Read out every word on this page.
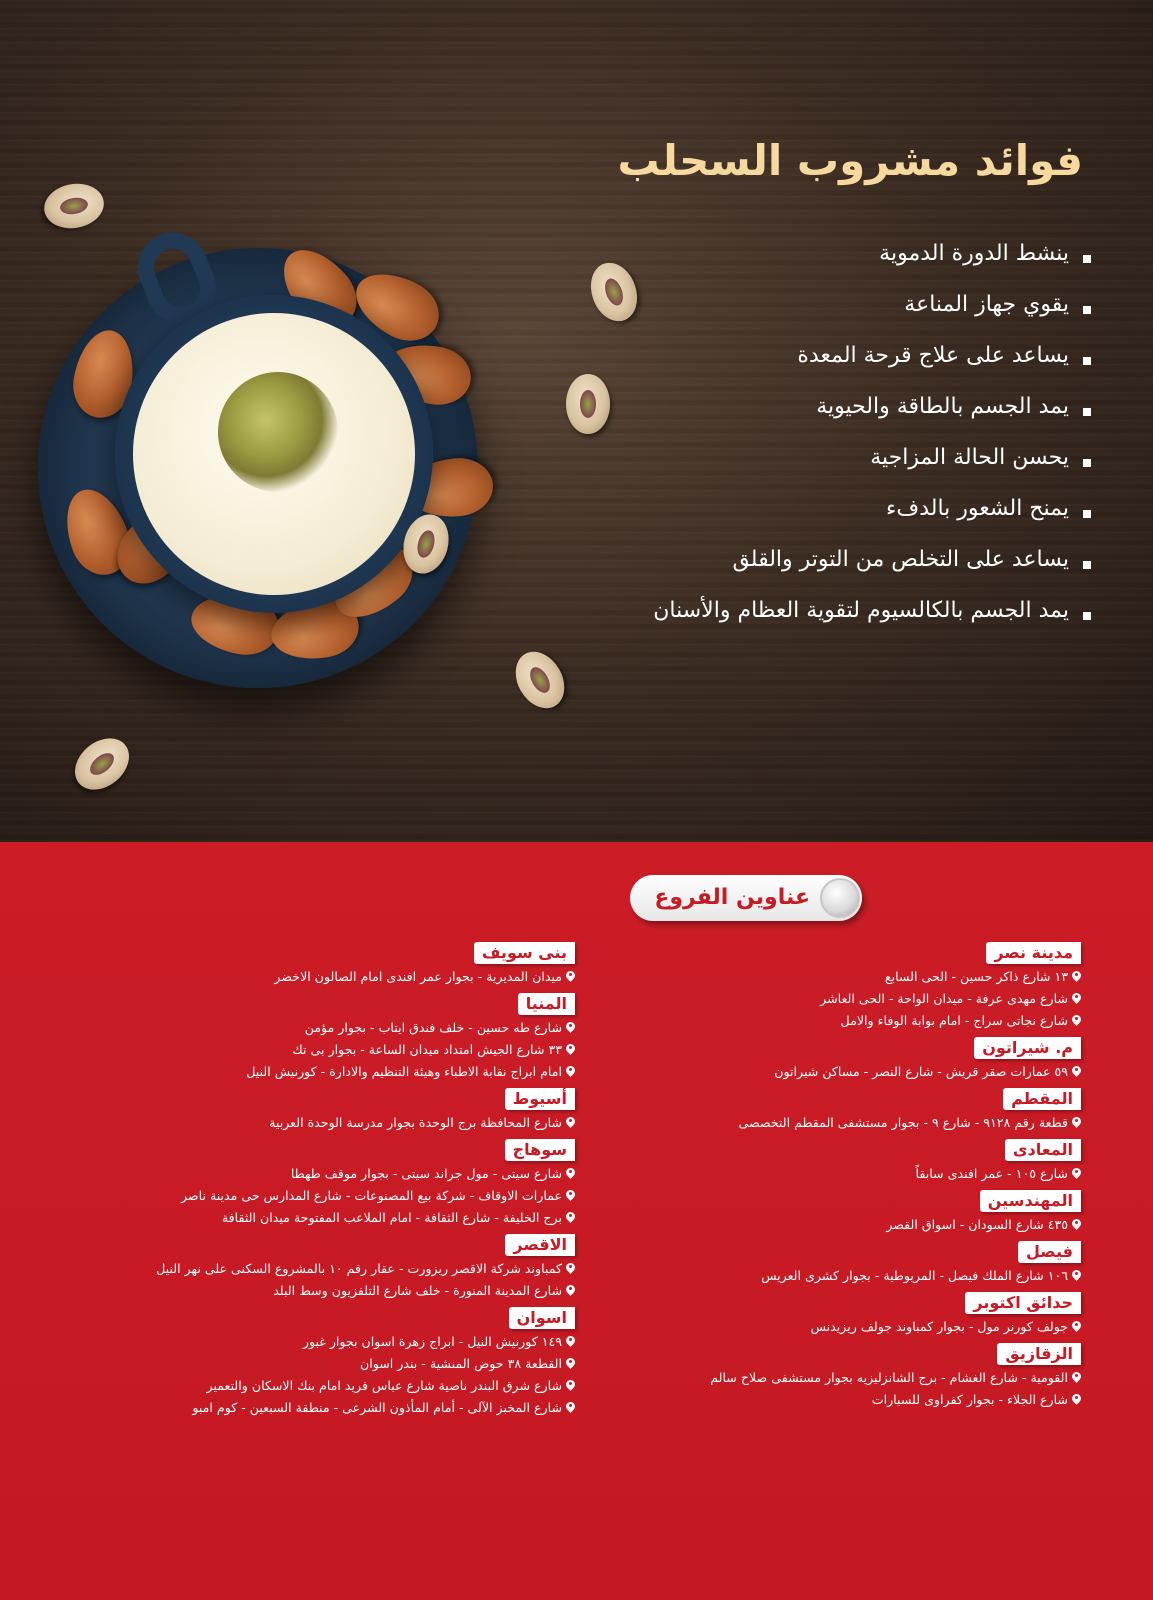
فوائد مشروب السحلب
ينشط الدورة الدموية
يقوي جهاز المناعة
يساعد على علاج قرحة المعدة
يمد الجسم بالطاقة والحيوية
يحسن الحالة المزاجية
يمنح الشعور بالدفء
يساعد على التخلص من التوتر والقلق
يمد الجسم بالكالسيوم لتقوية العظام والأسنان
عناوين الفروع
مدينة نصر
١٣ شارع ذاكر حسين - الحى السابع
شارع مهدى عرفة - ميدان الواحة - الحى العاشر
شارع نجاتى سراج - امام بوابة الوفاء والامل
م. شيراتون
٥٩ عمارات صقر قريش - شارع النصر - مساكن شيراتون
المقطم
قطعة رقم ٩١٢٨ - شارع ٩ - بجوار مستشفى المقطم التخصصى
المعادى
شارع ١٠٥ - عمر افندى سابقاً
المهندسين
٤٣٥ شارع السودان - اسواق القصر
فيصل
١٠٦ شارع الملك فيصل - المريوطية - بجوار كشرى العريس
حدائق اكتوبر
جولف كورنر مول - بجوار كمباوند جولف ريزيدنس
الزقازيق
القومية - شارع الغشام - برج الشانزليزيه بجوار مستشفى صلاح سالم
شارع الجلاء - بجوار كفراوى للسيارات
بنى سويف
ميدان المديرية - بجوار عمر افندى امام الصالون الاخضر
المنيا
شارع طه حسين - خلف فندق ايتاب - بجوار مؤمن
٣٣ شارع الجيش امتداد ميدان الساعة - بجوار بى تك
امام ابراج نقابة الاطباء وهيئة التنظيم والادارة - كورنيش النيل
أسيوط
شارع المحافظة برج الوحدة بجوار مدرسة الوحدة العربية
سوهاج
شارع سيتى - مول جراند سيتى - بجوار موقف طهطا
عمارات الاوقاف - شركة بيع المصنوعات - شارع المدارس حى مدينة ناصر
برج الخليفة - شارع الثقافة - امام الملاعب المفتوحة ميدان الثقافة
الاقصر
كمباوند شركة الاقصر ريزورت - عقار رقم ١٠ بالمشروع السكنى على نهر النيل
شارع المدينة المنورة - خلف شارع التلفزيون وسط البلد
اسوان
١٤٩ كورنيش النيل - ابراج زهرة اسوان بجوار غبور
القطعة ٣٨ حوض المنشية - بندر اسوان
شارع شرق البندر ناصية شارع عباس فريد امام بنك الاسكان والتعمير
شارع المخبز الآلى - أمام المأذون الشرعى - منطقة السبعين - كوم امبو
